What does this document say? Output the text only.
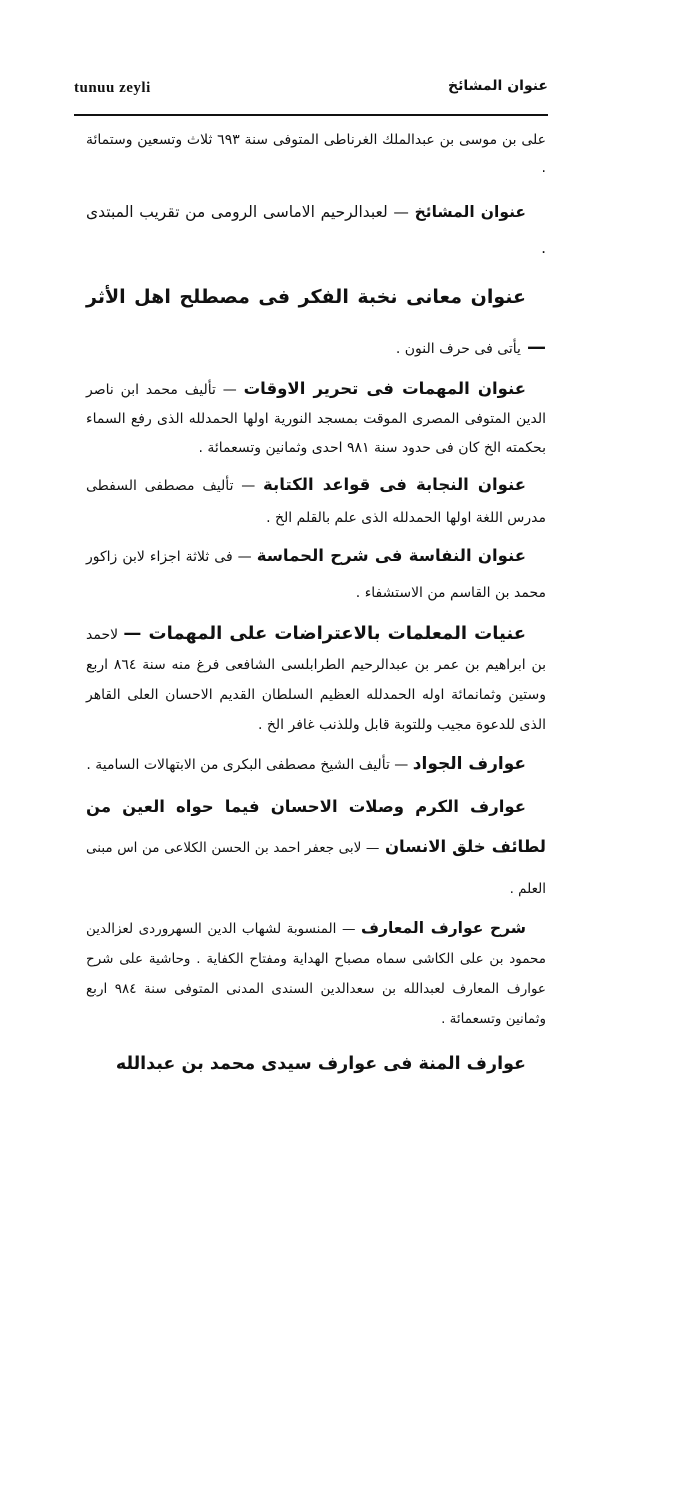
tunuu zeyli	عنوان المشائخ

على بن موسى بن عبدالملك الغرناطى المتوفى سنة ٦٩٣ ثلاث وتسعين وستمائة .

عنوان المشائخ — لعبدالرحيم الاماسى الرومى من تقريب المبتدى .

عنوان معانى نخبة الفكر فى مصطلح اهل الأثر — يأتى فى حرف النون .

عنوان المهمات فى تحرير الاوقات — تأليف محمد ابن ناصر الدين المتوفى المصرى الموقت بمسجد النورية اولها الحمدلله الذى رفع السماء بحكمته الخ كان فى حدود سنة ٩٨١ احدى وثمانين وتسعمائة .

عنوان النجابة فى قواعد الكتابة — تأليف مصطفى السفطى مدرس اللغة اولها الحمدلله الذى علم بالقلم الخ .

عنوان النفاسة فى شرح الحماسة — فى ثلاثة اجزاء لابن زاكور محمد بن القاسم من الاستشفاء .

عنيات المعلمات بالاعتراضات على المهمات — لاحمد بن ابراهيم بن عمر بن عبدالرحيم الطرابلسى الشافعى فرغ منه سنة ٨٦٤ اربع وستين وثمانمائة اوله الحمدلله العظيم السلطان القديم الاحسان العلى القاهر الذى للدعوة مجيب وللتوبة قابل وللذنب غافر الخ .

عوارف الجواد — تأليف الشيخ مصطفى البكرى من الابتهالات السامية .

عوارف الكرم وصلات الاحسان فيما حواه العين من لطائف خلق الانسان — لابى جعفر احمد بن الحسن الكلاعى من اس مبنى العلم .

شرح عوارف المعارف — المنسوبة لشهاب الدين السهروردى لعزالدين محمود بن على الكاشى سماه مصباح الهداية ومفتاح الكفاية . وحاشية على شرح عوارف المعارف لعبدالله بن سعدالدين السندى المدنى المتوفى سنة ٩٨٤ اربع وثمانين وتسعمائة .

عوارف المنة فى عوارف سيدى محمد بن عبدالله
